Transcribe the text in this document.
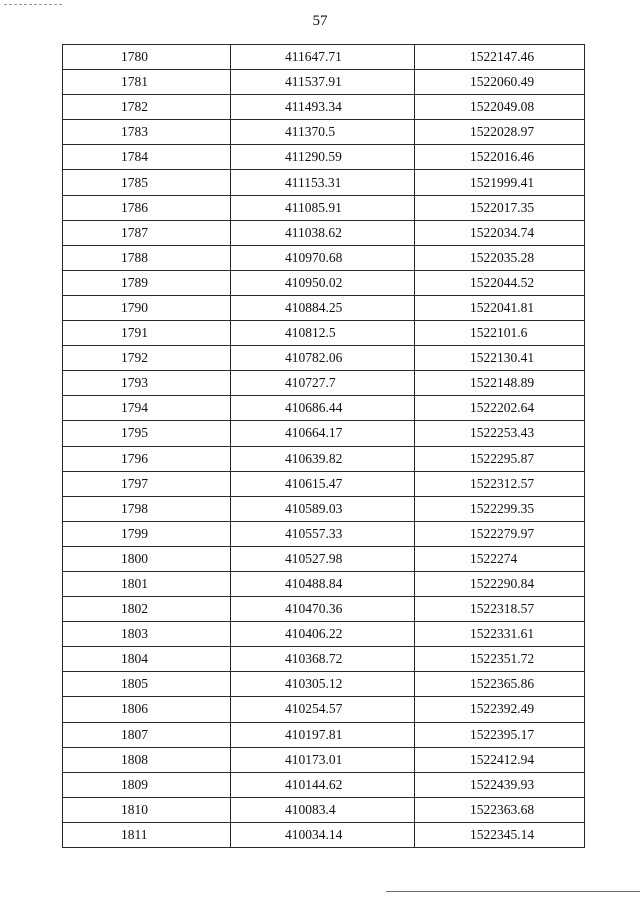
57
1780	411647.71	1522147.46
1781	411537.91	1522060.49
1782	411493.34	1522049.08
1783	411370.5	1522028.97
1784	411290.59	1522016.46
1785	411153.31	1521999.41
1786	411085.91	1522017.35
1787	411038.62	1522034.74
1788	410970.68	1522035.28
1789	410950.02	1522044.52
1790	410884.25	1522041.81
1791	410812.5	1522101.6
1792	410782.06	1522130.41
1793	410727.7	1522148.89
1794	410686.44	1522202.64
1795	410664.17	1522253.43
1796	410639.82	1522295.87
1797	410615.47	1522312.57
1798	410589.03	1522299.35
1799	410557.33	1522279.97
1800	410527.98	1522274
1801	410488.84	1522290.84
1802	410470.36	1522318.57
1803	410406.22	1522331.61
1804	410368.72	1522351.72
1805	410305.12	1522365.86
1806	410254.57	1522392.49
1807	410197.81	1522395.17
1808	410173.01	1522412.94
1809	410144.62	1522439.93
1810	410083.4	1522363.68
1811	410034.14	1522345.14
